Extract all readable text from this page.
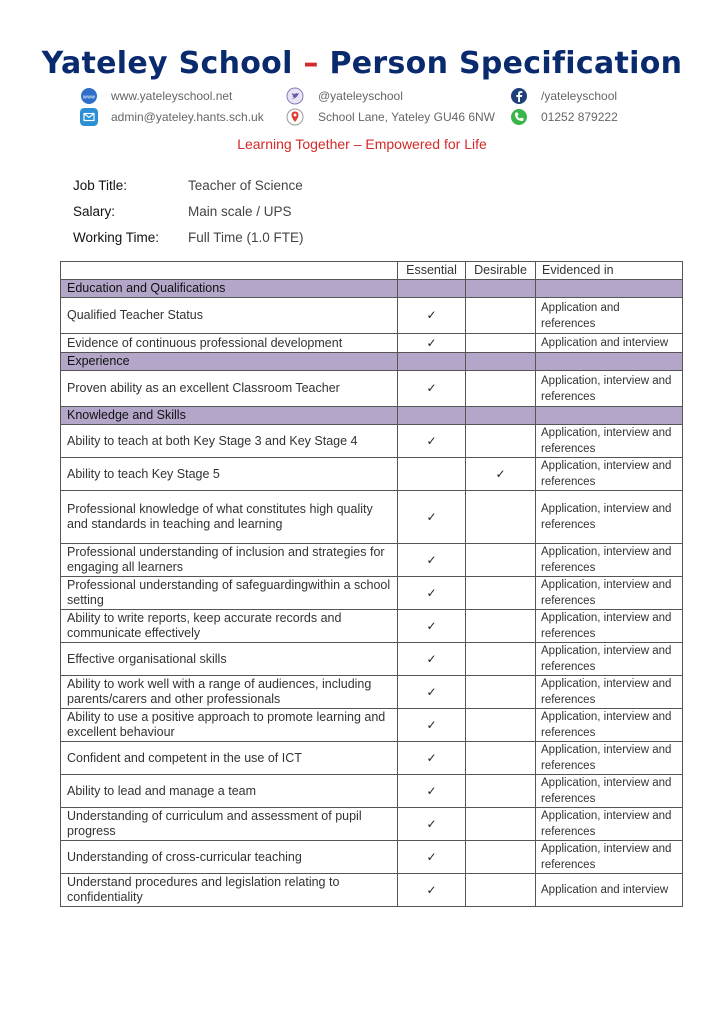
Yateley School – Person Specification
www www.yateleyschool.net	@yateleyschool	/yateleyschool
admin@yateley.hants.sch.uk	School Lane, Yateley GU46 6NW	01252 879222
Learning Together – Empowered for Life
Job Title:	Teacher of Science
Salary:	Main scale / UPS
Working Time: Full Time (1.0 FTE)
	Essential	Desirable	Evidenced in
Education and Qualifications			
Qualified Teacher Status	✓		Application and references
Evidence of continuous professional development	✓		Application and interview
Experience			
Proven ability as an excellent Classroom Teacher	✓		Application, interview and references
Knowledge and Skills			
Ability to teach at both Key Stage 3 and Key Stage 4	✓		Application, interview and references
Ability to teach Key Stage 5		✓	Application, interview and references
Professional knowledge of what constitutes high quality and standards in teaching and learning	✓		Application, interview and references
Professional understanding of inclusion and strategies for engaging all learners	✓		Application, interview and references
Professional understanding of safeguardingwithin a school setting	✓		Application, interview and references
Ability to write reports, keep accurate records and communicate effectively	✓		Application, interview and references
Effective organisational skills	✓		Application, interview and references
Ability to work well with a range of audiences, including parents/carers and other professionals	✓		Application, interview and references
Ability to use a positive approach to promote learning and excellent behaviour	✓		Application, interview and references
Confident and competent in the use of ICT	✓		Application, interview and references
Ability to lead and manage a team	✓		Application, interview and references
Understanding of curriculum and assessment of pupil progress	✓		Application, interview and references
Understanding of cross-curricular teaching	✓		Application, interview and references
Understand procedures and legislation relating to confidentiality	✓		Application and interview
